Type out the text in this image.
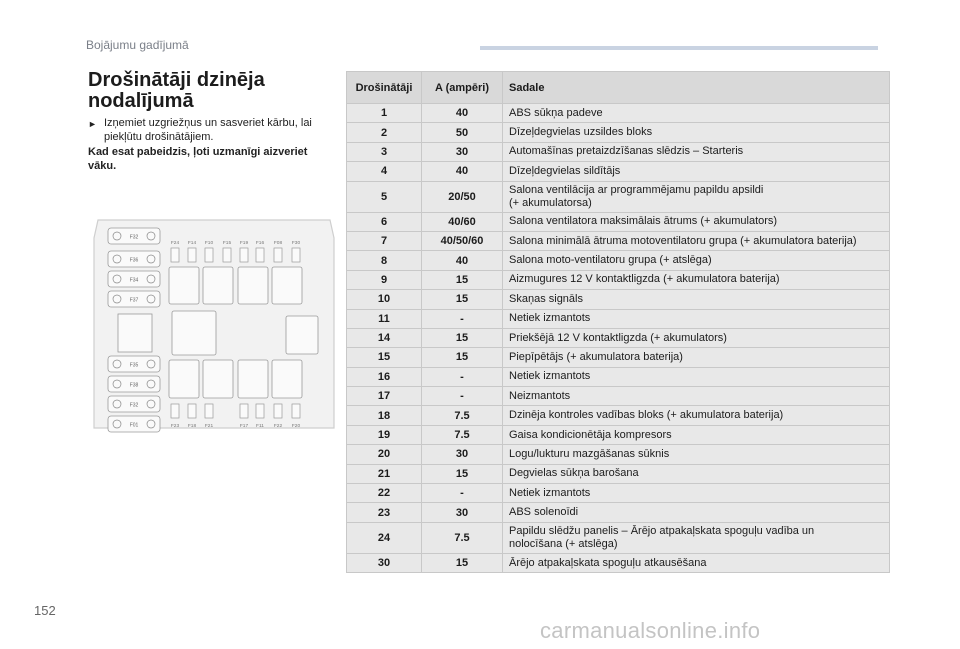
Bojājumu gadījumā
Drošinātāji dzinēja
nodalījumā
► Izņemiet uzgriežņus un sasveriet kārbu, lai piekļūtu drošinātājiem.
Kad esat pabeidzis, ļoti uzmanīgi aizveriet vāku.
F32
F36
F34
F37
F35
F38
F32
F01
F24 F14 F10 F15 F19 F16 F08 F30
F23 F18 F21	F17 F11 F22 F20
Drošinātāji	A (ampēri)	Sadale
1	40	ABS sūkņa padeve

2	50	Dīzeļdegvielas uzsildes bloks

3	30	Automašīnas pretaizdzīšanas slēdzis – Starteris

4	40	Dīzeļdegvielas sildītājs

5	20/50	Salona ventilācija ar programmējamu papildu apsildi
(+ akumulatorsa)

6	40/60	Salona ventilatora maksimālais ātrums (+ akumulators)

7	40/50/60	Salona minimālā ātruma motoventilatoru grupa (+ akumulatora baterija)

8	40	Salona moto-ventilatoru grupa (+ atslēga)

9	15	Aizmugures 12 V kontaktligzda (+ akumulatora baterija)

10	15	Skaņas signāls

11	-	Netiek izmantots

14	15	Priekšējā 12 V kontaktligzda (+ akumulators)

15	15	Piepīpētājs (+ akumulatora baterija)

16	-	Netiek izmantots

17	-	Neizmantots

18	7.5	Dzinēja kontroles vadības bloks (+ akumulatora baterija)

19	7.5	Gaisa kondicionētāja kompresors

20	30	Logu/lukturu mazgāšanas sūknis

21	15	Degvielas sūkņa barošana

22	-	Netiek izmantots

23	30	ABS solenoīdi

24	7.5	Papildu slēdžu panelis – Ārējo atpakaļskata spoguļu vadība un
nolocīšana (+ atslēga)

30	15	Ārējo atpakaļskata spoguļu atkausēšana
152
carmanualsonline.info
